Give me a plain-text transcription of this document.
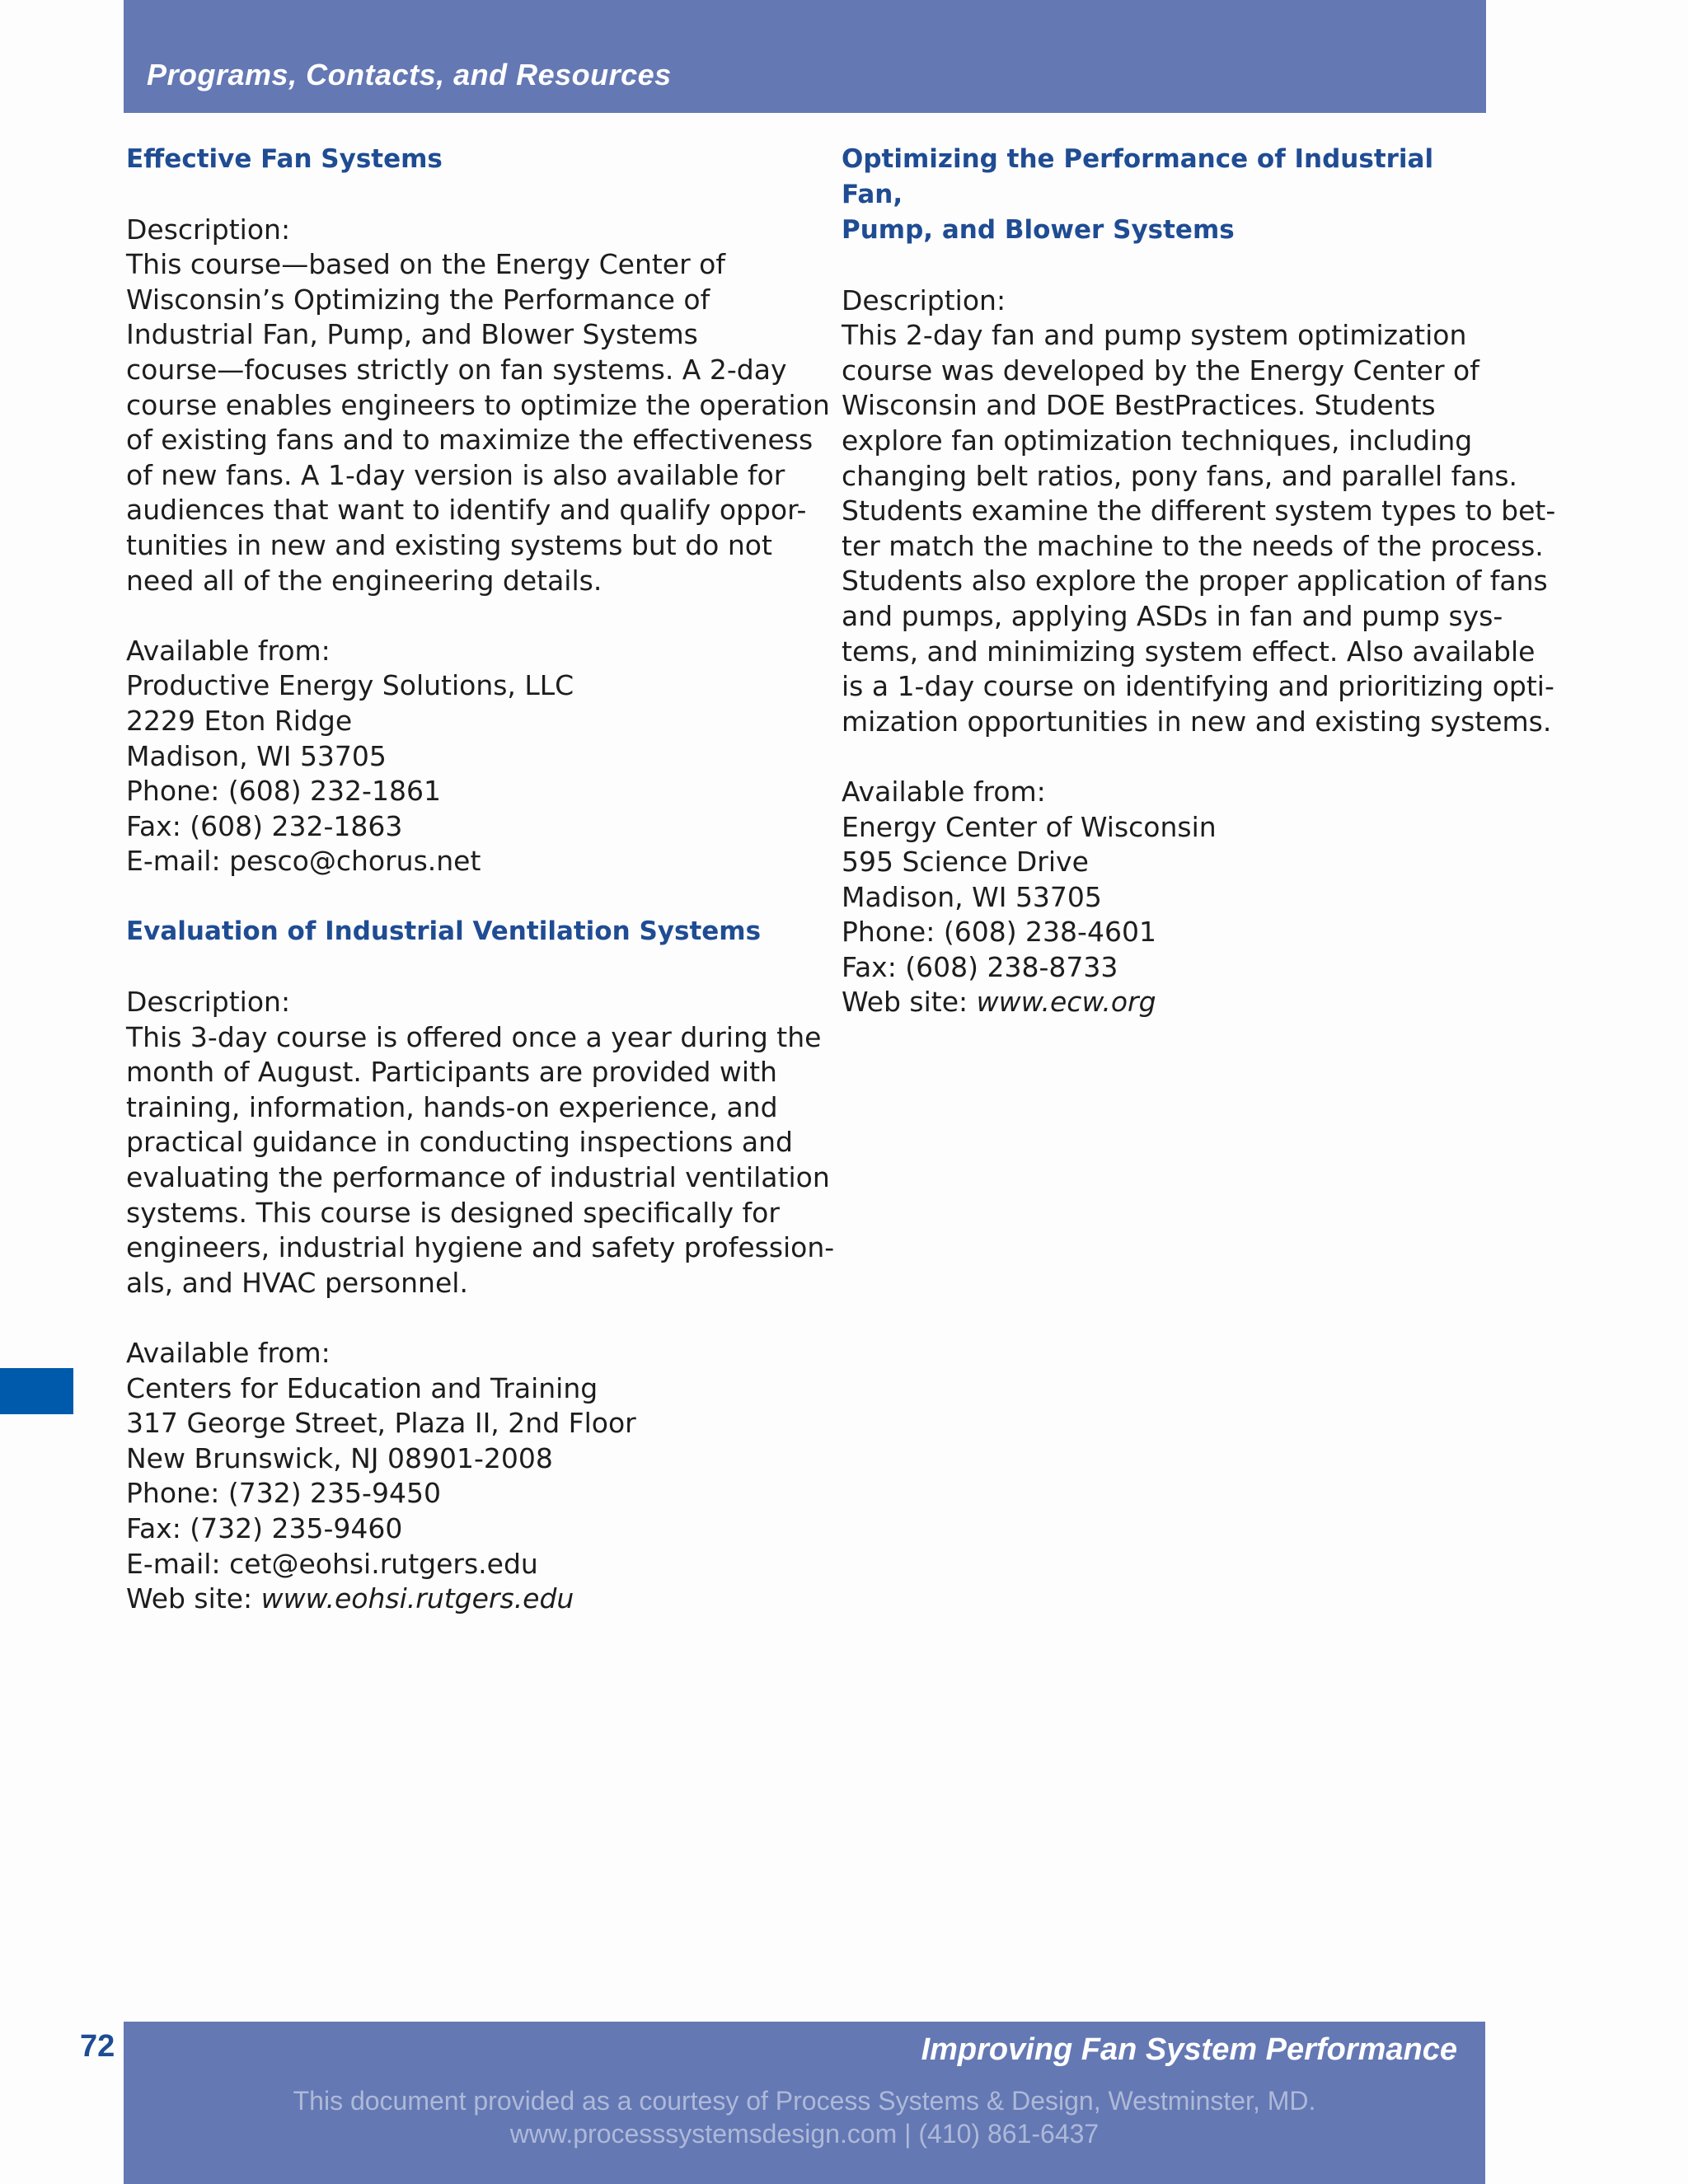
Programs, Contacts, and Resources
Effective Fan Systems
Description:
This course—based on the Energy Center of
Wisconsin’s Optimizing the Performance of
Industrial Fan, Pump, and Blower Systems
course—focuses strictly on fan systems. A 2-day
course enables engineers to optimize the operation
of existing fans and to maximize the effectiveness
of new fans. A 1-day version is also available for
audiences that want to identify and qualify oppor-
tunities in new and existing systems but do not
need all of the engineering details.
Available from:
Productive Energy Solutions, LLC
2229 Eton Ridge
Madison, WI 53705
Phone: (608) 232-1861
Fax: (608) 232-1863
E-mail: pesco@chorus.net
Evaluation of Industrial Ventilation Systems
Description:
This 3-day course is offered once a year during the
month of August. Participants are provided with
training, information, hands-on experience, and
practical guidance in conducting inspections and
evaluating the performance of industrial ventilation
systems. This course is designed specifically for
engineers, industrial hygiene and safety profession-
als, and HVAC personnel.
Available from:
Centers for Education and Training
317 George Street, Plaza II, 2nd Floor
New Brunswick, NJ 08901-2008
Phone: (732) 235-9450
Fax: (732) 235-9460
E-mail: cet@eohsi.rutgers.edu
Web site: www.eohsi.rutgers.edu
Optimizing the Performance of Industrial Fan,
Pump, and Blower Systems
Description:
This 2-day fan and pump system optimization
course was developed by the Energy Center of
Wisconsin and DOE BestPractices. Students
explore fan optimization techniques, including
changing belt ratios, pony fans, and parallel fans.
Students examine the different system types to bet-
ter match the machine to the needs of the process.
Students also explore the proper application of fans
and pumps, applying ASDs in fan and pump sys-
tems, and minimizing system effect. Also available
is a 1-day course on identifying and prioritizing opti-
mization opportunities in new and existing systems.
Available from:
Energy Center of Wisconsin
595 Science Drive
Madison, WI 53705
Phone: (608) 238-4601
Fax: (608) 238-8733
Web site: www.ecw.org
72	Improving Fan System Performance
This document provided as a courtesy of Process Systems & Design, Westminster, MD.
www.processsystemsdesign.com | (410) 861-6437
